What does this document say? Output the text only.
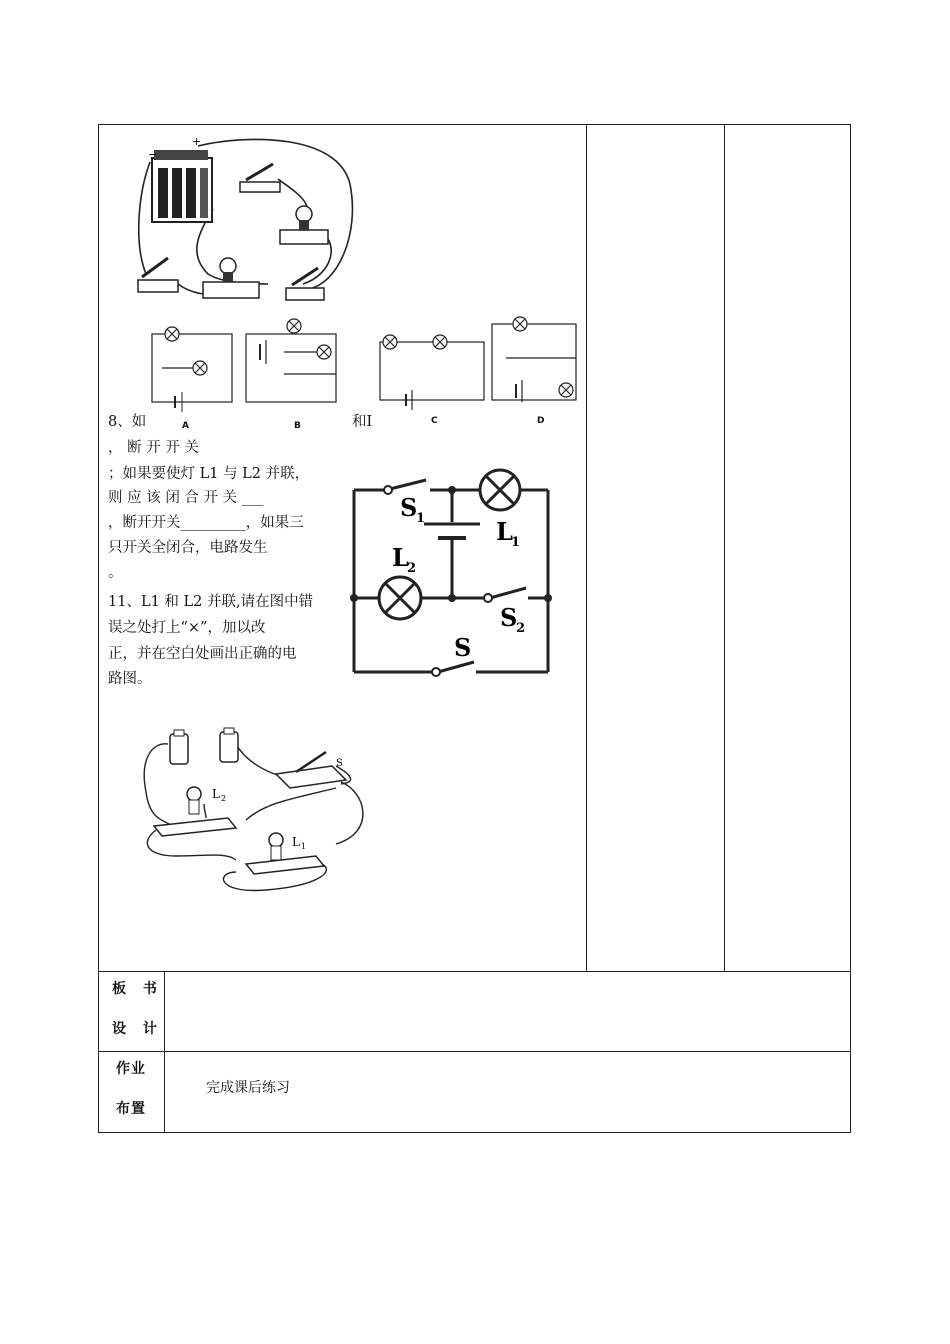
+
−
A	B	C	D
8、如	和I
， 断 开 开 关
；如果要使灯 L1 与 L2 并联，
则 应 该 闭 合 开 关 ___
，断开开关_________，如果三
只开关全闭合，电路发生
。
11、L1 和 L2 并联,请在图中错
误之处打上“×”，加以改
正，并在空白处画出正确的电
路图。
S
1	L
1
L
2
S
2
S
S
L 2
L 1
板 书
设 计
作业
布置
完成课后练习
